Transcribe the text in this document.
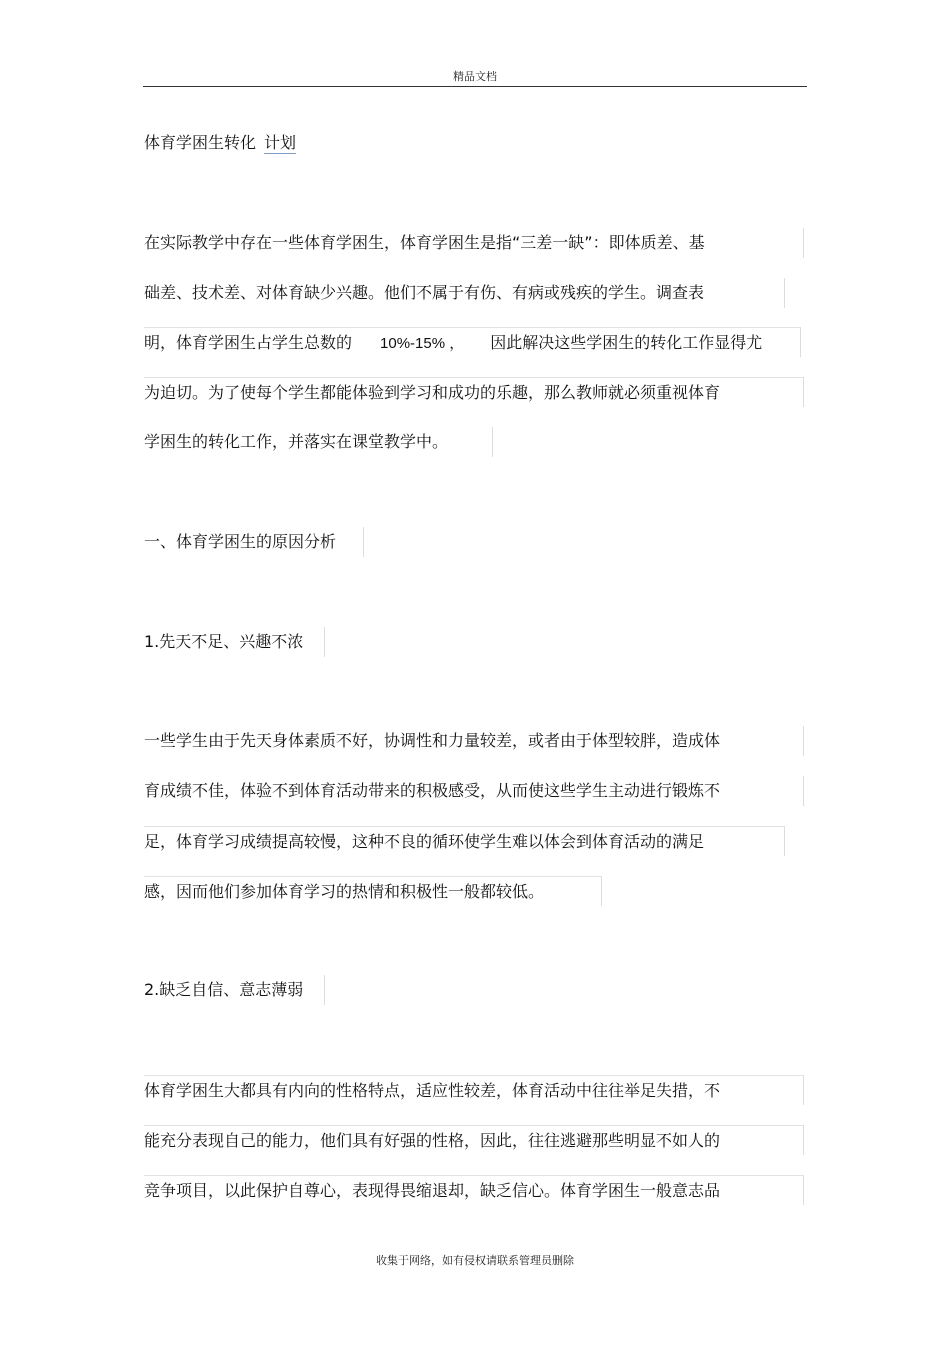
精品文档
体育学困生转化 计划
在实际教学中存在一些体育学困生，体育学困生是指“三差一缺”：即体质差、基
础差、技术差、对体育缺少兴趣。他们不属于有伤、有病或残疾的学生。调查表
明，体育学困生占学生总数的 10%-15% ， 因此解决这些学困生的转化工作显得尤
为迫切。为了使每个学生都能体验到学习和成功的乐趣，那么教师就必须重视体育
学困生的转化工作，并落实在课堂教学中。
一、体育学困生的原因分析
1.先天不足、兴趣不浓
一些学生由于先天身体素质不好，协调性和力量较差，或者由于体型较胖，造成体
育成绩不佳，体验不到体育活动带来的积极感受，从而使这些学生主动进行锻炼不
足，体育学习成绩提高较慢，这种不良的循环使学生难以体会到体育活动的满足
感，因而他们参加体育学习的热情和积极性一般都较低。
2.缺乏自信、意志薄弱
体育学困生大都具有内向的性格特点，适应性较差，体育活动中往往举足失措，不
能充分表现自己的能力，他们具有好强的性格，因此，往往逃避那些明显不如人的
竞争项目，以此保护自尊心，表现得畏缩退却，缺乏信心。体育学困生一般意志品
收集于网络，如有侵权请联系管理员删除
